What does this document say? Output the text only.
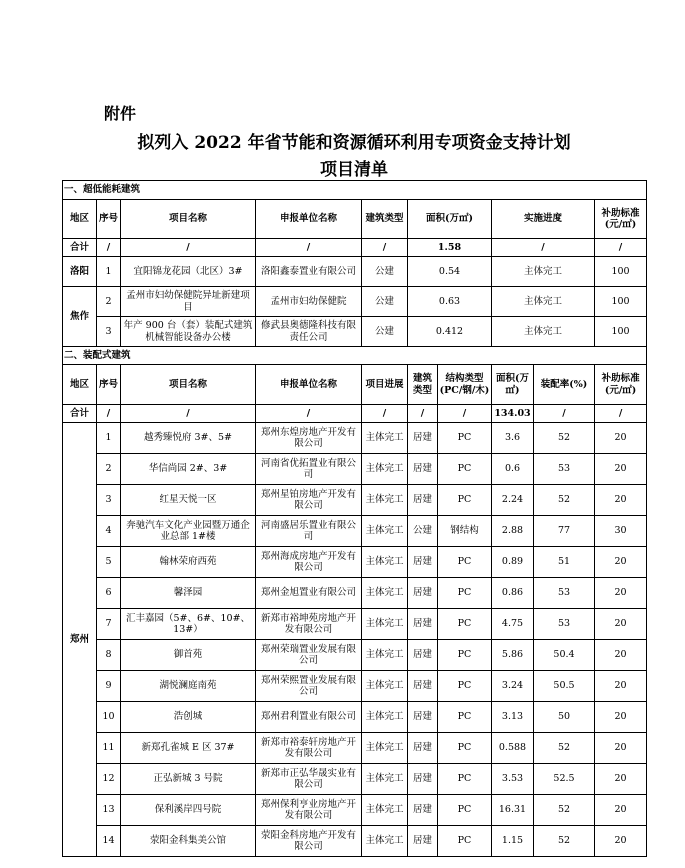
附件
拟列入 2022 年省节能和资源循环利用专项资金支持计划
项目清单
一、超低能耗建筑							
地区	序号	项目名称	申报单位名称	建筑类型	面积(万㎡)	实施进度	补助标准(元/㎡)
合计	/	/	/	/	1.58	/	/
洛阳	1	宜阳锦龙花园（北区）3#	洛阳鑫泰置业有限公司	公建	0.54	主体完工	100
焦作	2	孟州市妇幼保健院异址新建项目	孟州市妇幼保健院	公建	0.63	主体完工	100
	3	年产 900 台（套）装配式建筑机械智能设备办公楼	修武县奥德隆科技有限责任公司	公建	0.412	主体完工	100
二、装配式建筑									
地区	序号	项目名称	申报单位名称	项目进展	建筑类型	结构类型(PC/钢/木)	面积(万㎡)	装配率(%)	补助标准(元/㎡)
合计	/	/	/	/	/	/	134.03	/	/
郑州	1	越秀臻悦府 3#、5#	郑州东煌房地产开发有限公司	主体完工	居建	PC	3.6	52	20
	2	华信尚园 2#、3#	河南省优拓置业有限公司	主体完工	居建	PC	0.6	53	20
	3	红星天悦一区	郑州星铂房地产开发有限公司	主体完工	居建	PC	2.24	52	20
	4	奔驰汽车文化产业园暨万通企业总部 1#楼	河南盛居乐置业有限公司	主体完工	公建	钢结构	2.88	77	30
	5	翰林荣府西苑	郑州海成房地产开发有限公司	主体完工	居建	PC	0.89	51	20
	6	馨泽园	郑州金旭置业有限公司	主体完工	居建	PC	0.86	53	20
	7	汇丰嘉园（5#、6#、10#、13#）	新郑市裕坤苑房地产开发有限公司	主体完工	居建	PC	4.75	53	20
	8	御首苑	郑州荣瑞置业发展有限公司	主体完工	居建	PC	5.86	50.4	20
	9	湖悦澜庭南苑	郑州荣熙置业发展有限公司	主体完工	居建	PC	3.24	50.5	20
	10	浩创城	郑州君利置业有限公司	主体完工	居建	PC	3.13	50	20
	11	新郑孔雀城 E 区 37#	新郑市裕泰轩房地产开发有限公司	主体完工	居建	PC	0.588	52	20
	12	正弘新城 3 号院	新郑市正弘华晟实业有限公司	主体完工	居建	PC	3.53	52.5	20
	13	保利溪岸四号院	郑州保利亨业房地产开发有限公司	主体完工	居建	PC	16.31	52	20
	14	荥阳金科集美公馆	荥阳金科房地产开发有限公司	主体完工	居建	PC	1.15	52	20
